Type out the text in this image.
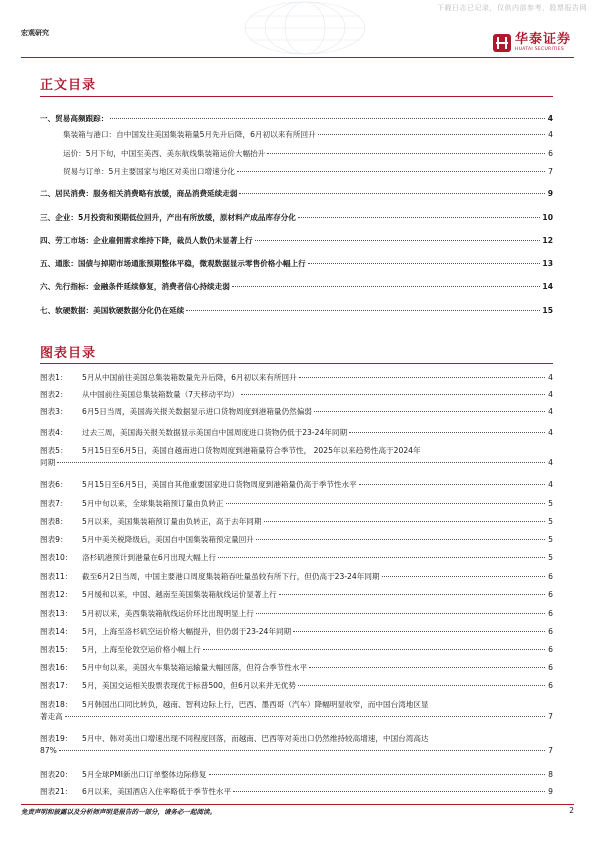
下载日志已记录，仅供内部参考，股票报告网
宏观研究	华泰证券
HUATAI SECURITIES
正文目录
一、贸易高频跟踪：	4
集装箱与港口：自中国发往美国集装箱量5月先升后降，6月初以来有所回升	4
运价：5月下旬，中国至美西、美东航线集装箱运价大幅抬升	6
贸易与订单：5月主要国家与地区对美出口增速分化	7
二、居民消费：服务相关消费略有放缓，商品消费延续走弱	9
三、企业：5月投资和预期低位回升，产出有所放缓，原材料产成品库存分化	10
四、劳工市场：企业雇佣需求维持下降，裁员人数仍未显著上行	12
五、通胀：国债与掉期市场通胀预期整体平稳，微观数据显示零售价格小幅上行	13
六、先行指标：金融条件延续修复，消费者信心持续走弱	14
七、软硬数据：美国软硬数据分化仍在延续	15
图表目录
图表1：	5月从中国前往美国总集装箱数量先升后降，6月初以来有所回升	4
图表2：	从中国前往美国总集装箱数量（7天移动平均）	4
图表3：	6月5日当周，美国海关报关数据显示进口货物周度到港箱量仍然偏弱	4
图表4：	过去三周，美国海关报关数据显示美国自中国周度进口货物仍低于23-24年同期	4
图表5：	5月15日至6月5日，美国自越南进口货物周度到港箱量符合季节性， 2025年以来趋势性高于2024年
同期	4
图表6：	5月15日至6月5日，美国自其他重要国家进口货物周度到港箱量仍高于季节性水平	4
图表7：	5月中旬以来，全球集装箱预订量由负转正	5
图表8：	5月以来，美国集装箱预订量由负转正，高于去年同期	5
图表9：	5月中美关税降级后，美国自中国集装箱预定量回升	5
图表10：	洛杉矶港预计到港量在6月出现大幅上行	5
图表11：	截至6月2日当周，中国主要港口周度集装箱吞吐量虽较有所下行，但仍高于23-24年同期	6
图表12：	5月缓和以来，中国、越南至美国集装箱航线运价显著上行	6
图表13：	5月初以来，美西集装箱航线运价环比出现明显上行	6
图表14：	5月，上海至洛杉矶空运价格大幅提升，但仍弱于23-24年同期	6
图表15：	5月，上海至伦敦空运价格小幅上行	6
图表16：	5月中旬以来，美国火车集装箱运输量大幅回落，但符合季节性水平	6
图表17：	5月，美国交运相关股票表现优于标普500，但6月以来并无优势	6
图表18：	5月韩国出口同比转负，越南、智利边际上行，巴西、墨西哥（汽车）降幅明显收窄，而中国台湾地区显
著走高	7
图表19：	5月中、韩对美出口增速出现不同程度回落，而越南、巴西等对美出口仍然维持较高增速，中国台湾高达
87%	7
图表20：	5月全球PMI新出口订单整体边际修复	8
图表21：	6月以来，美国酒店入住率略低于季节性水平	9
免责声明和披露以及分析师声明是报告的一部分，请务必一起阅读。	2
